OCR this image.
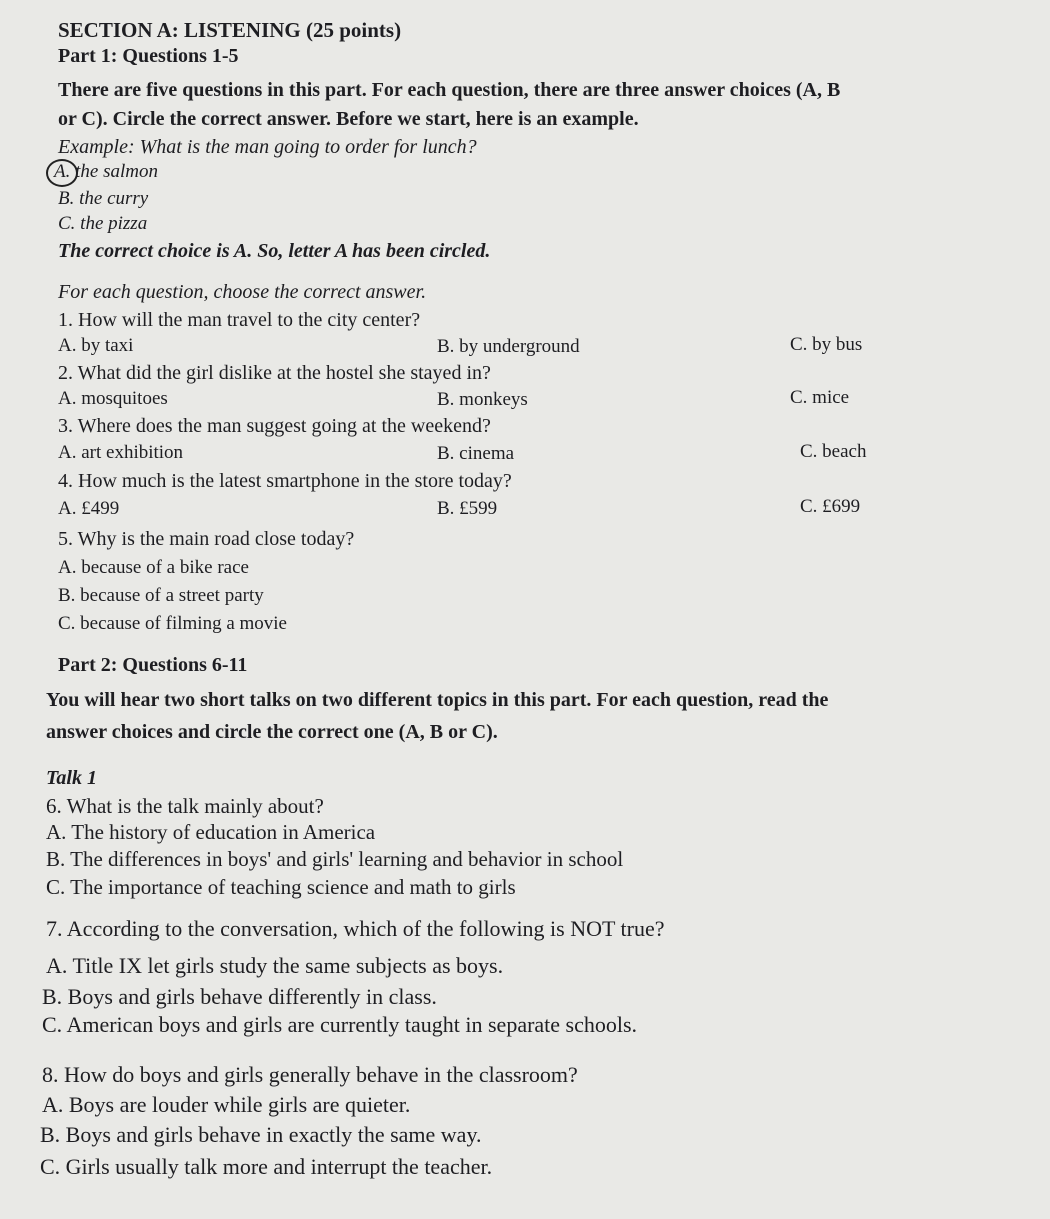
SECTION A: LISTENING (25 points)
Part 1: Questions 1-5
There are five questions in this part. For each question, there are three answer choices (A, B
or C). Circle the correct answer. Before we start, here is an example.
Example: What is the man going to order for lunch?
A. the salmon
B. the curry
C. the pizza
The correct choice is A. So, letter A has been circled.
For each question, choose the correct answer.
1. How will the man travel to the city center?
A. by taxi	B. by underground	C. by bus
2. What did the girl dislike at the hostel she stayed in?
A. mosquitoes	B. monkeys	C. mice
3. Where does the man suggest going at the weekend?
A. art exhibition	B. cinema	C. beach
4. How much is the latest smartphone in the store today?
A. £499	B. £599	C. £699
5. Why is the main road close today?
A. because of a bike race
B. because of a street party
C. because of filming a movie
Part 2: Questions 6-11
You will hear two short talks on two different topics in this part. For each question, read the
answer choices and circle the correct one (A, B or C).
Talk 1
6. What is the talk mainly about?
A. The history of education in America
B. The differences in boys' and girls' learning and behavior in school
C. The importance of teaching science and math to girls
7. According to the conversation, which of the following is NOT true?
A. Title IX let girls study the same subjects as boys.
B. Boys and girls behave differently in class.
C. American boys and girls are currently taught in separate schools.
8. How do boys and girls generally behave in the classroom?
A. Boys are louder while girls are quieter.
B. Boys and girls behave in exactly the same way.
C. Girls usually talk more and interrupt the teacher.
